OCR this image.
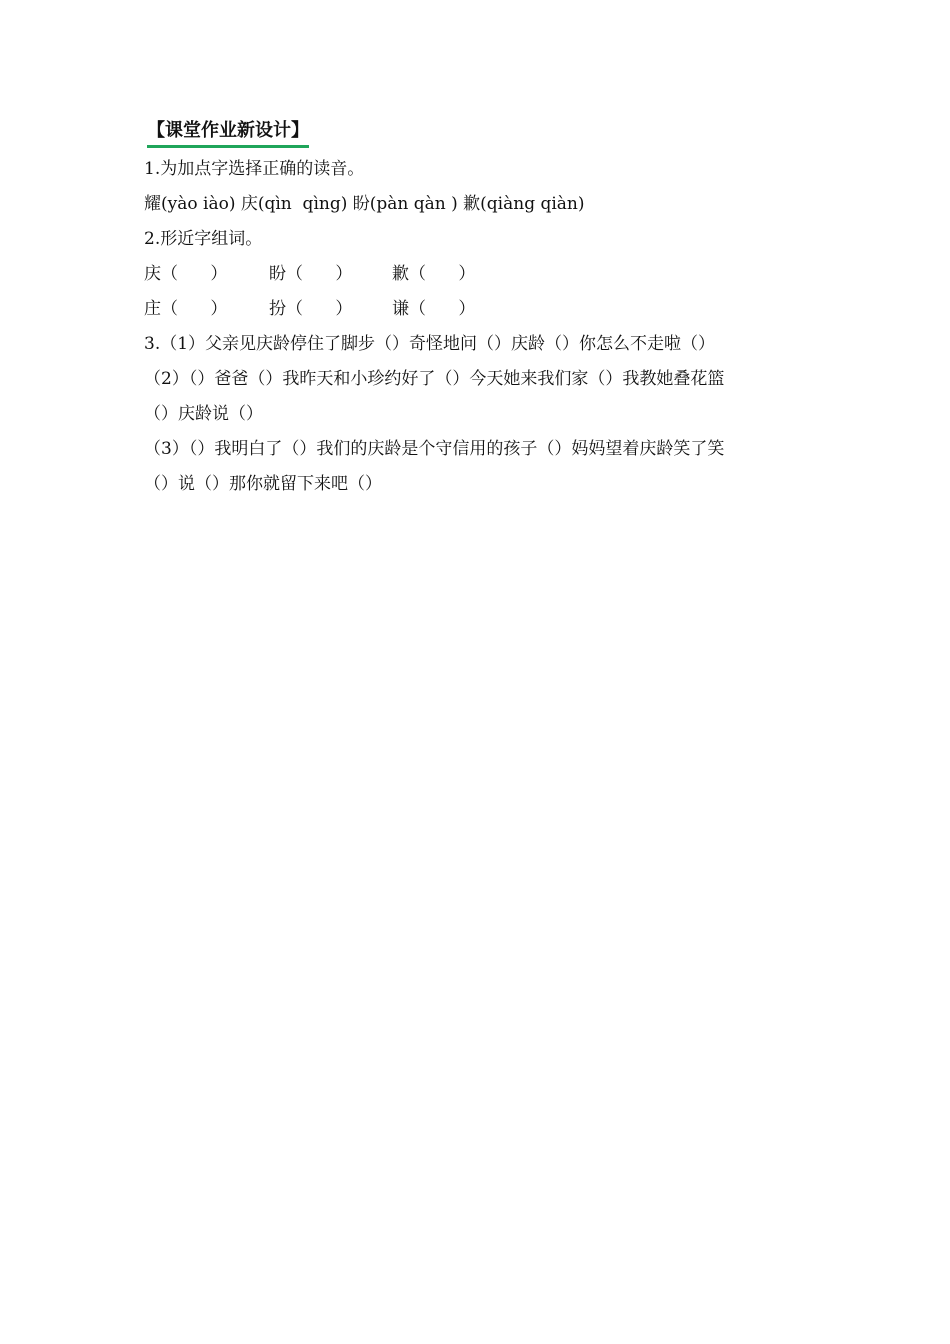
【课堂作业新设计】
1.为加点字选择正确的读音。
耀(yào iào) 庆(qìn  qìng) 盼(pàn qàn ) 歉(qiàng qiàn)
2.形近字组词。
庆（      ）	盼（      ）	歉（      ）
庄（      ）	扮（      ）	谦（      ）
3.（1）父亲见庆龄停住了脚步（）奇怪地问（）庆龄（）你怎么不走啦（）
（2）（）爸爸（）我昨天和小珍约好了（）今天她来我们家（）我教她叠花篮
（）庆龄说（）
（3）（）我明白了（）我们的庆龄是个守信用的孩子（）妈妈望着庆龄笑了笑
（）说（）那你就留下来吧（）
